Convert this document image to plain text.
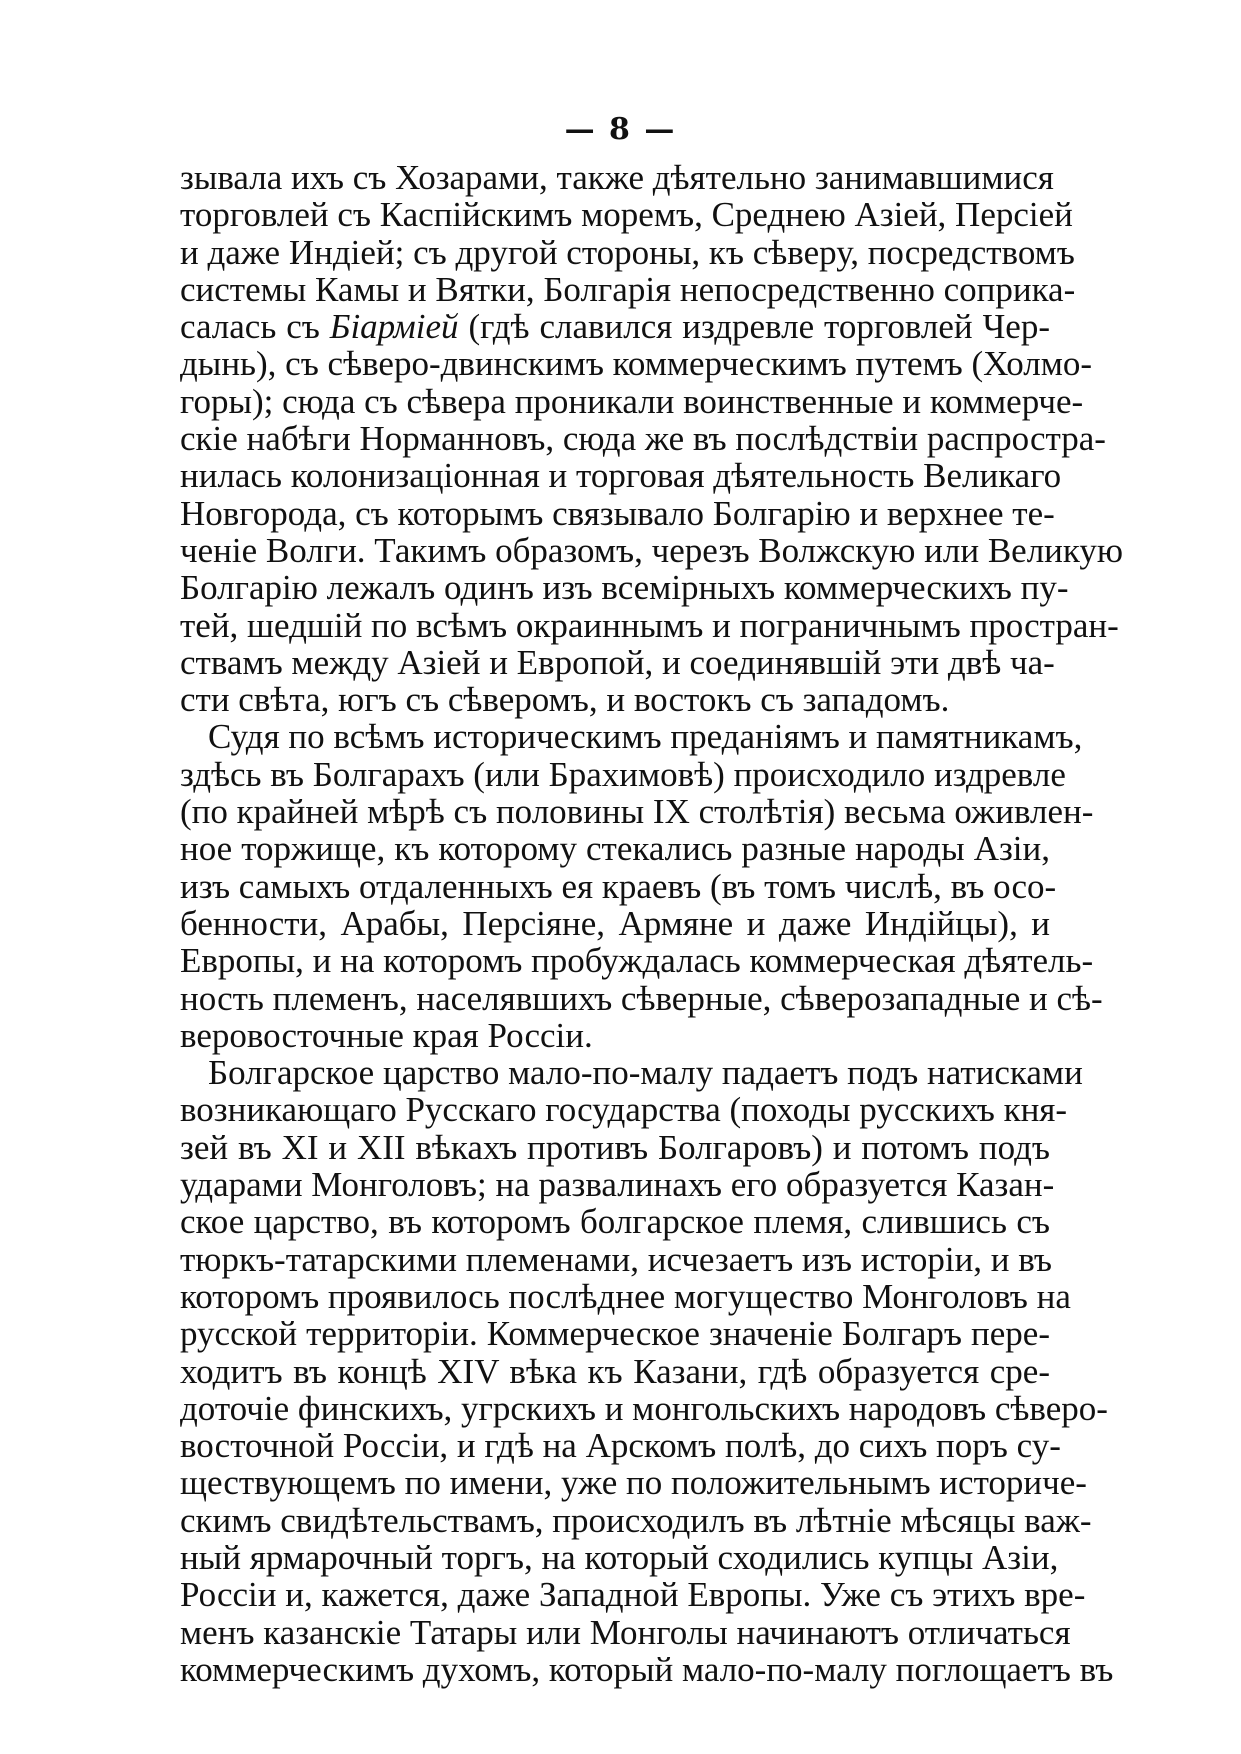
— 8 —

зывала ихъ съ Хозарами, также дѣятельно занимавшимися
торговлей съ Каспійскимъ моремъ, Среднею Азіей, Персіей
и даже Индіей; съ другой стороны, къ сѣверу, посредствомъ
системы Камы и Вятки, Болгарія непосредственно соприка-
салась съ Біармiей (гдѣ славился издревле торговлей Чер-
дынь), съ сѣверо-двинскимъ коммерческимъ путемъ (Холмо-
горы); сюда съ сѣвера проникали воинственные и коммерче-
скіе набѣги Норманновъ, сюда же въ послѣдствіи распростра-
нилась колонизаціонная и торговая дѣятельность Великаго
Новгорода, съ которымъ связывало Болгарію и верхнее те-
ченіе Волги. Такимъ образомъ, черезъ Волжскую или Великую
Болгарію лежалъ одинъ изъ всемірныхъ коммерческихъ пу-
тей, шедшій по всѣмъ окраиннымъ и пограничнымъ простран-
ствамъ между Азіей и Европой, и соединявшій эти двѣ ча-
сти свѣта, югъ съ сѣверомъ, и востокъ съ западомъ.

Судя по всѣмъ историческимъ преданіямъ и памятникамъ,
здѣсь въ Болгарахъ (или Брахимовѣ) происходило издревле
(по крайней мѣрѣ съ половины IX столѣтія) весьма оживлен-
ное торжище, къ которому стекались разные народы Азіи,
изъ самыхъ отдаленныхъ ея краевъ (въ томъ числѣ, въ осо-
бенности, Арабы, Персіяне, Армяне и даже Индійцы), и
Европы, и на которомъ пробуждалась коммерческая дѣятель-
ность племенъ, населявшихъ сѣверные, сѣверозападные и сѣ-
веровосточные края Россіи.

Болгарское царство мало-по-малу падаетъ подъ натисками
возникающаго Русскаго государства (походы русскихъ кня-
зей въ XI и XII вѣкахъ противъ Болгаровъ) и потомъ подъ
ударами Монголовъ; на развалинахъ его образуется Казан-
ское царство, въ которомъ болгарское племя, слившись съ
тюркъ-татарскими племенами, исчезаетъ изъ исторіи, и въ
которомъ проявилось послѣднее могущество Монголовъ на
русской территоріи. Коммерческое значеніе Болгаръ пере-
ходитъ въ концѣ XIV вѣка къ Казани, гдѣ образуется сре-
доточіе финскихъ, угрскихъ и монгольскихъ народовъ сѣверо-
восточной Россіи, и гдѣ на Арскомъ полѣ, до сихъ поръ су-
ществующемъ по имени, уже по положительнымъ историче-
скимъ свидѣтельствамъ, происходилъ въ лѣтніе мѣсяцы важ-
ный ярмарочный торгъ, на который сходились купцы Азіи,
Россіи и, кажется, даже Западной Европы. Уже съ этихъ вре-
менъ казанскіе Татары или Монголы начинаютъ отличаться
коммерческимъ духомъ, который мало-по-малу поглощаетъ въ
